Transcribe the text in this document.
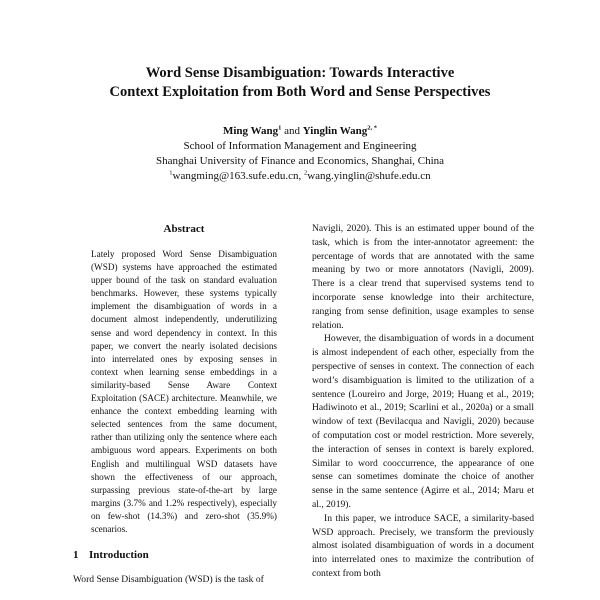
Word Sense Disambiguation: Towards Interactive
Context Exploitation from Both Word and Sense Perspectives
Ming Wang$^1$ and Yinglin Wang$^{2, *}$
School of Information Management and Engineering
Shanghai University of Finance and Economics, Shanghai, China
$^1$wangming@163.sufe.edu.cn, $^2$wang.yinglin@shufe.edu.cn
Abstract

Lately proposed Word Sense Disambiguation (WSD) systems have approached the estimated upper bound of the task on standard evaluation benchmarks. However, these systems typically implement the disambiguation of words in a document almost independently, underutilizing sense and word dependency in context. In this paper, we convert the nearly isolated decisions into interrelated ones by exposing senses in context when learning sense embeddings in a similarity-based Sense Aware Context Exploitation (SACE) architecture. Meanwhile, we enhance the context embedding learning with selected sentences from the same document, rather than utilizing only the sentence where each ambiguous word appears. Experiments on both English and multilingual WSD datasets have shown the effectiveness of our approach, surpassing previous state-of-the-art by large margins (3.7% and 1.2% respectively), especially on few-shot (14.3%) and zero-shot (35.9%) scenarios.

1 Introduction

Word Sense Disambiguation (WSD) is the task of

Navigli, 2020). This is an estimated upper bound of the task, which is from the inter-annotator agreement: the percentage of words that are annotated with the same meaning by two or more annotators (Navigli, 2009). There is a clear trend that supervised systems tend to incorporate sense knowledge into their architecture, ranging from sense definition, usage examples to sense relation.

However, the disambiguation of words in a document is almost independent of each other, especially from the perspective of senses in context. The connection of each word’s disambiguation is limited to the utilization of a sentence (Loureiro and Jorge, 2019; Huang et al., 2019; Hadiwinoto et al., 2019; Scarlini et al., 2020a) or a small window of text (Bevilacqua and Navigli, 2020) because of computation cost or model restriction. More severely, the interaction of senses in context is barely explored. Similar to word cooccurrence, the appearance of one sense can sometimes dominate the choice of another sense in the same sentence (Agirre et al., 2014; Maru et al., 2019).

In this paper, we introduce SACE, a similarity-based WSD approach. Precisely, we transform the previously almost isolated disambiguation of words in a document into interrelated ones to maximize the contribution of context from both
